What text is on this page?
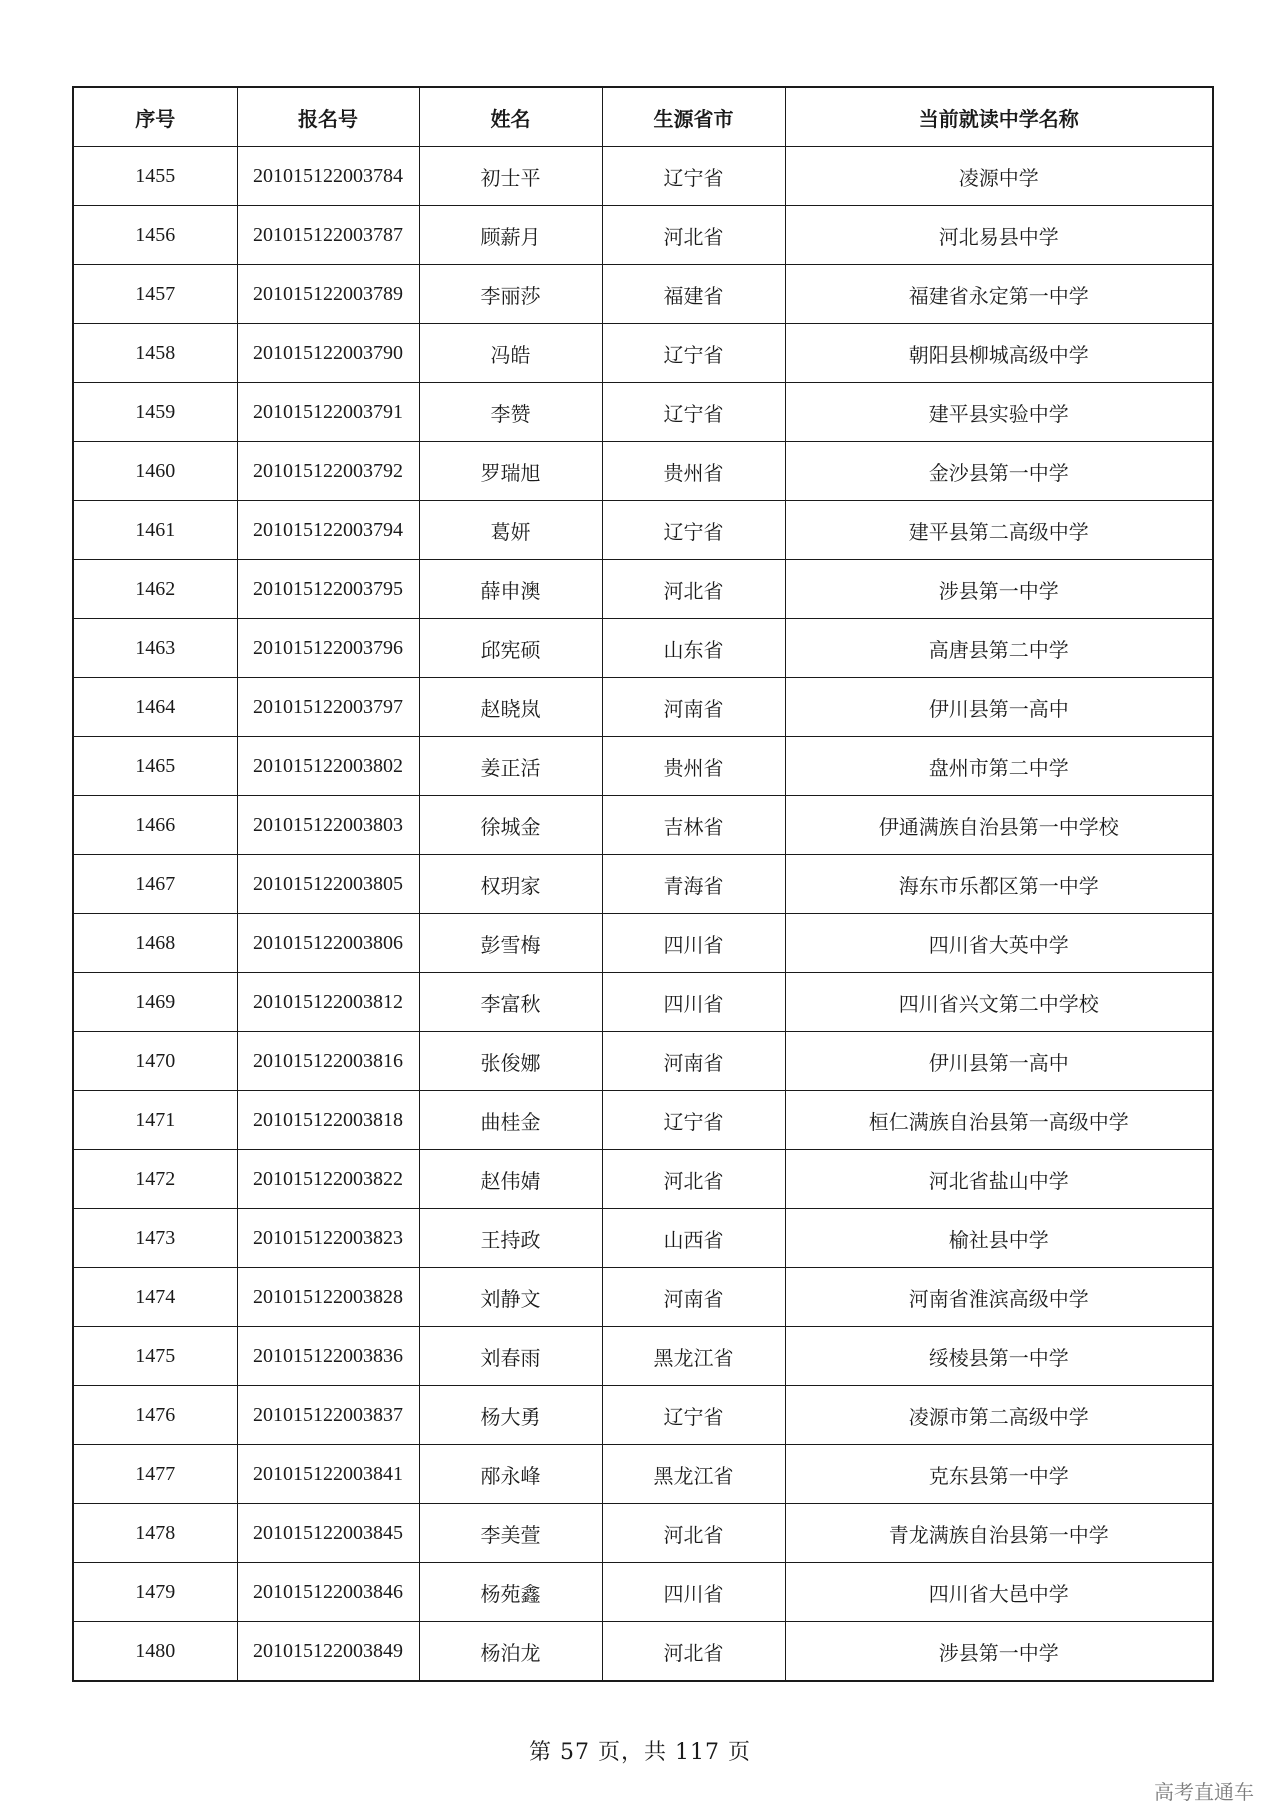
序号	报名号	姓名	生源省市	当前就读中学名称
1455	201015122003784	初士平	辽宁省	凌源中学
1456	201015122003787	顾薪月	河北省	河北易县中学
1457	201015122003789	李丽莎	福建省	福建省永定第一中学
1458	201015122003790	冯皓	辽宁省	朝阳县柳城高级中学
1459	201015122003791	李赞	辽宁省	建平县实验中学
1460	201015122003792	罗瑞旭	贵州省	金沙县第一中学
1461	201015122003794	葛妍	辽宁省	建平县第二高级中学
1462	201015122003795	薛申澳	河北省	涉县第一中学
1463	201015122003796	邱宪硕	山东省	高唐县第二中学
1464	201015122003797	赵晓岚	河南省	伊川县第一高中
1465	201015122003802	姜正活	贵州省	盘州市第二中学
1466	201015122003803	徐城金	吉林省	伊通满族自治县第一中学校
1467	201015122003805	权玥家	青海省	海东市乐都区第一中学
1468	201015122003806	彭雪梅	四川省	四川省大英中学
1469	201015122003812	李富秋	四川省	四川省兴文第二中学校
1470	201015122003816	张俊娜	河南省	伊川县第一高中
1471	201015122003818	曲桂金	辽宁省	桓仁满族自治县第一高级中学
1472	201015122003822	赵伟婧	河北省	河北省盐山中学
1473	201015122003823	王持政	山西省	榆社县中学
1474	201015122003828	刘静文	河南省	河南省淮滨高级中学
1475	201015122003836	刘春雨	黑龙江省	绥棱县第一中学
1476	201015122003837	杨大勇	辽宁省	凌源市第二高级中学
1477	201015122003841	邴永峰	黑龙江省	克东县第一中学
1478	201015122003845	李美萱	河北省	青龙满族自治县第一中学
1479	201015122003846	杨苑鑫	四川省	四川省大邑中学
1480	201015122003849	杨泊龙	河北省	涉县第一中学
第 57 页，共 117 页
高考直通车
